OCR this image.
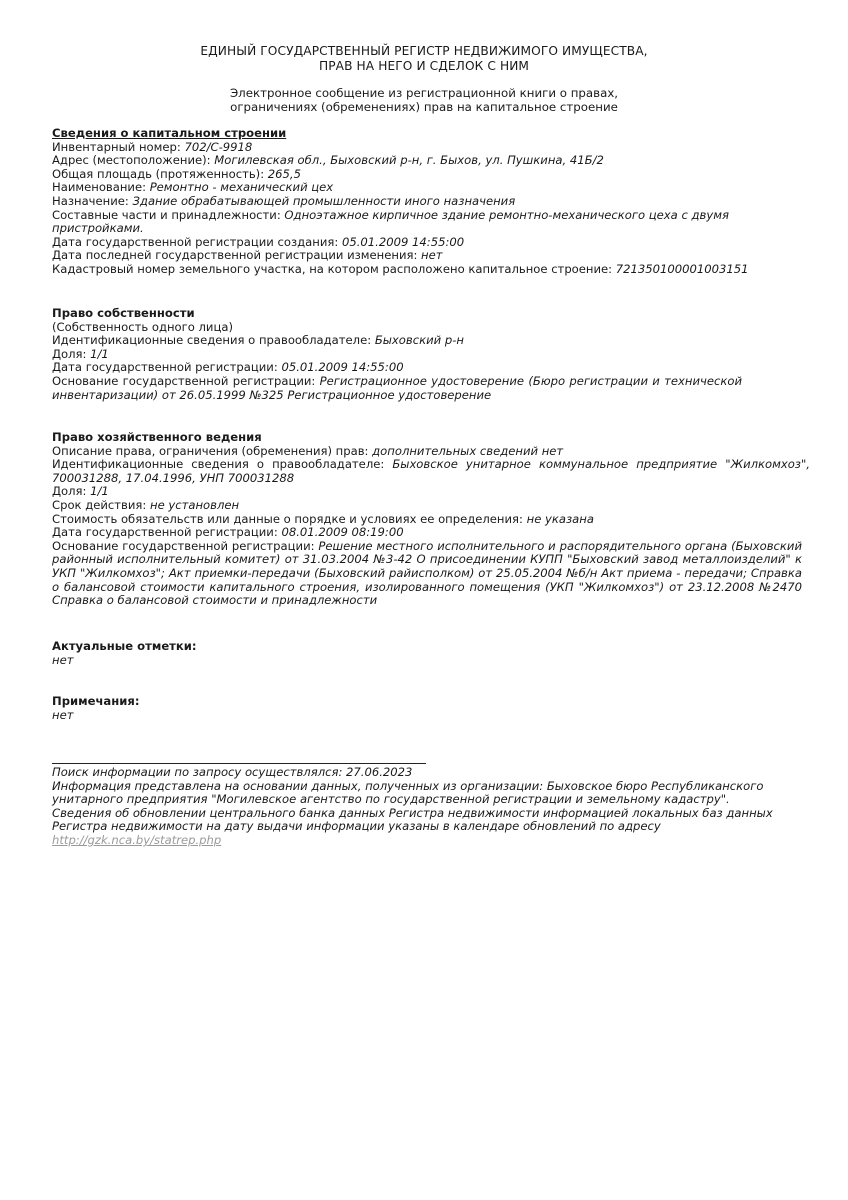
ЕДИНЫЙ ГОСУДАРСТВЕННЫЙ РЕГИСТР НЕДВИЖИМОГО ИМУЩЕСТВА,
ПРАВ НА НЕГО И СДЕЛОК С НИМ
Электронное сообщение из регистрационной книги о правах,
ограничениях (обременениях) прав на капитальное строение
Сведения о капитальном строении
Инвентарный номер: 702/C-9918
Адрес (местоположение): Могилевская обл., Быховский р-н, г. Быхов, ул. Пушкина, 41Б/2
Общая площадь (протяженность): 265,5
Наименование: Ремонтно - механический цех
Назначение: Здание обрабатывающей промышленности иного назначения
Составные части и принадлежности: Одноэтажное кирпичное здание ремонтно-механического цеха с двумя пристройками.
Дата государственной регистрации создания: 05.01.2009 14:55:00
Дата последней государственной регистрации изменения: нет
Кадастровый номер земельного участка, на котором расположено капитальное строение: 721350100001003151
Право собственности
(Собственность одного лица)
Идентификационные сведения о правообладателе: Быховский р-н
Доля: 1/1
Дата государственной регистрации: 05.01.2009 14:55:00
Основание государственной регистрации: Регистрационное удостоверение (Бюро регистрации и технической инвентаризации) от 26.05.1999 №325 Регистрационное удостоверение
Право хозяйственного ведения
Описание права, ограничения (обременения) прав: дополнительных сведений нет
Идентификационные сведения о правообладателе: Быховское унитарное коммунальное предприятие "Жилкомхоз", 700031288, 17.04.1996, УНП 700031288
Доля: 1/1
Срок действия: не установлен
Стоимость обязательств или данные о порядке и условиях ее определения: не указана
Дата государственной регистрации: 08.01.2009 08:19:00
Основание государственной регистрации: Решение местного исполнительного и распорядительного органа (Быховский районный исполнительный комитет) от 31.03.2004 №3-42 О присоединении КУПП "Быховский завод металлоизделий" к УКП "Жилкомхоз"; Акт приемки-передачи (Быховский райисполком) от 25.05.2004 №б/н Акт приема - передачи; Справка о балансовой стоимости капитального строения, изолированного помещения (УКП "Жилкомхоз") от 23.12.2008 №2470 Справка о балансовой стоимости и принадлежности
Актуальные отметки:
нет
Примечания:
нет
Поиск информации по запросу осуществлялся: 27.06.2023
Информация представлена на основании данных, полученных из организации: Быховское бюро Республиканского унитарного предприятия "Могилевское агентство по государственной регистрации и земельному кадастру".
Сведения об обновлении центрального банка данных Регистра недвижимости информацией локальных баз данных Регистра недвижимости на дату выдачи информации указаны в календаре обновлений по адресу
http://gzk.nca.by/statrep.php
